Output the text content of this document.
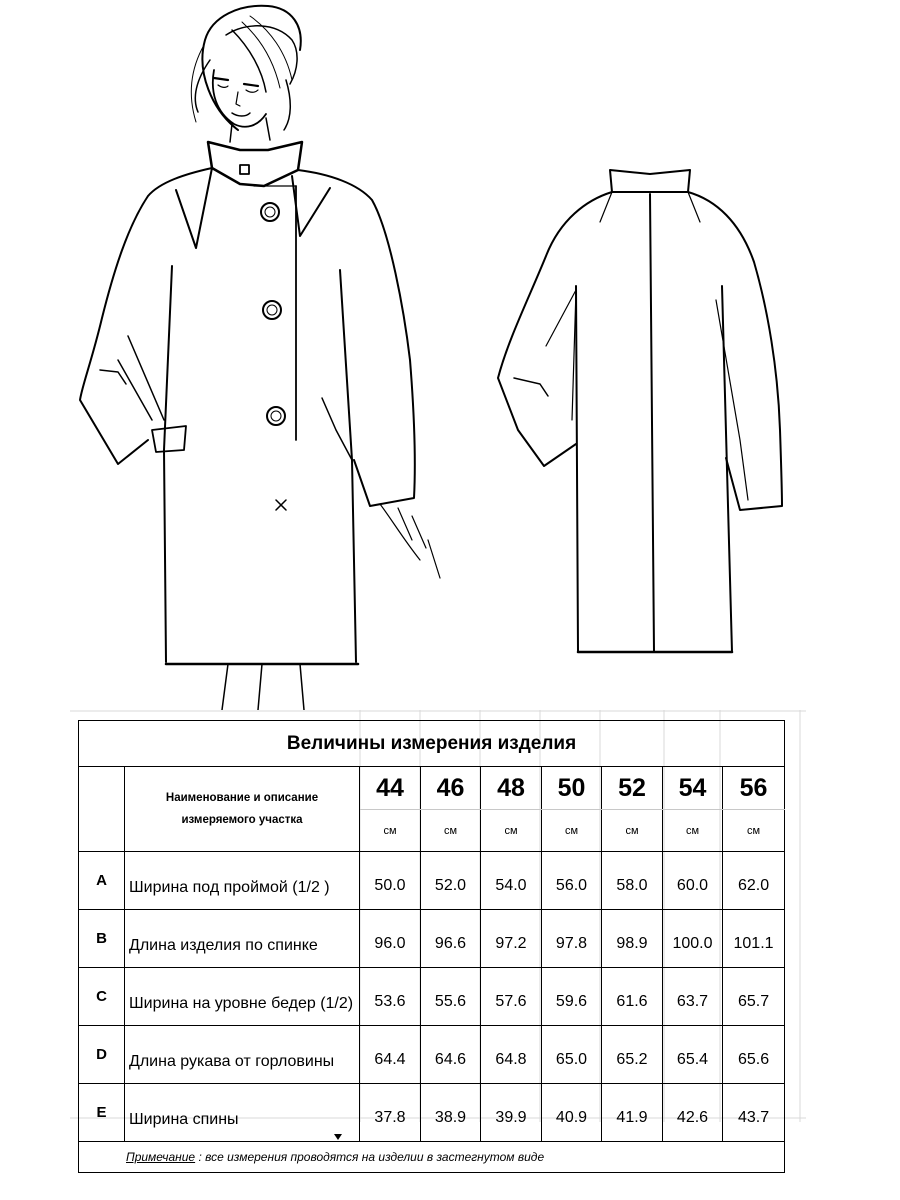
Величины измерения изделия								

	Наименование и описание
измеряемого участка	44	46	48	50	52	54	56
		см	см	см	см	см	см	см
A	Ширина под проймой (1/2 )	50.0	52.0	54.0	56.0	58.0	60.0	62.0
B	Длина изделия по спинке	96.0	96.6	97.2	97.8	98.9	100.0	101.1
C	Ширина на уровне бедер (1/2)	53.6	55.6	57.6	59.6	61.6	63.7	65.7
D	Длина рукава от горловины	64.4	64.6	64.8	65.0	65.2	65.4	65.6
E	Ширина спины	37.8	38.9	39.9	40.9	41.9	42.6	43.7
Примечание : все измерения проводятся на изделии в застегнутом виде								
